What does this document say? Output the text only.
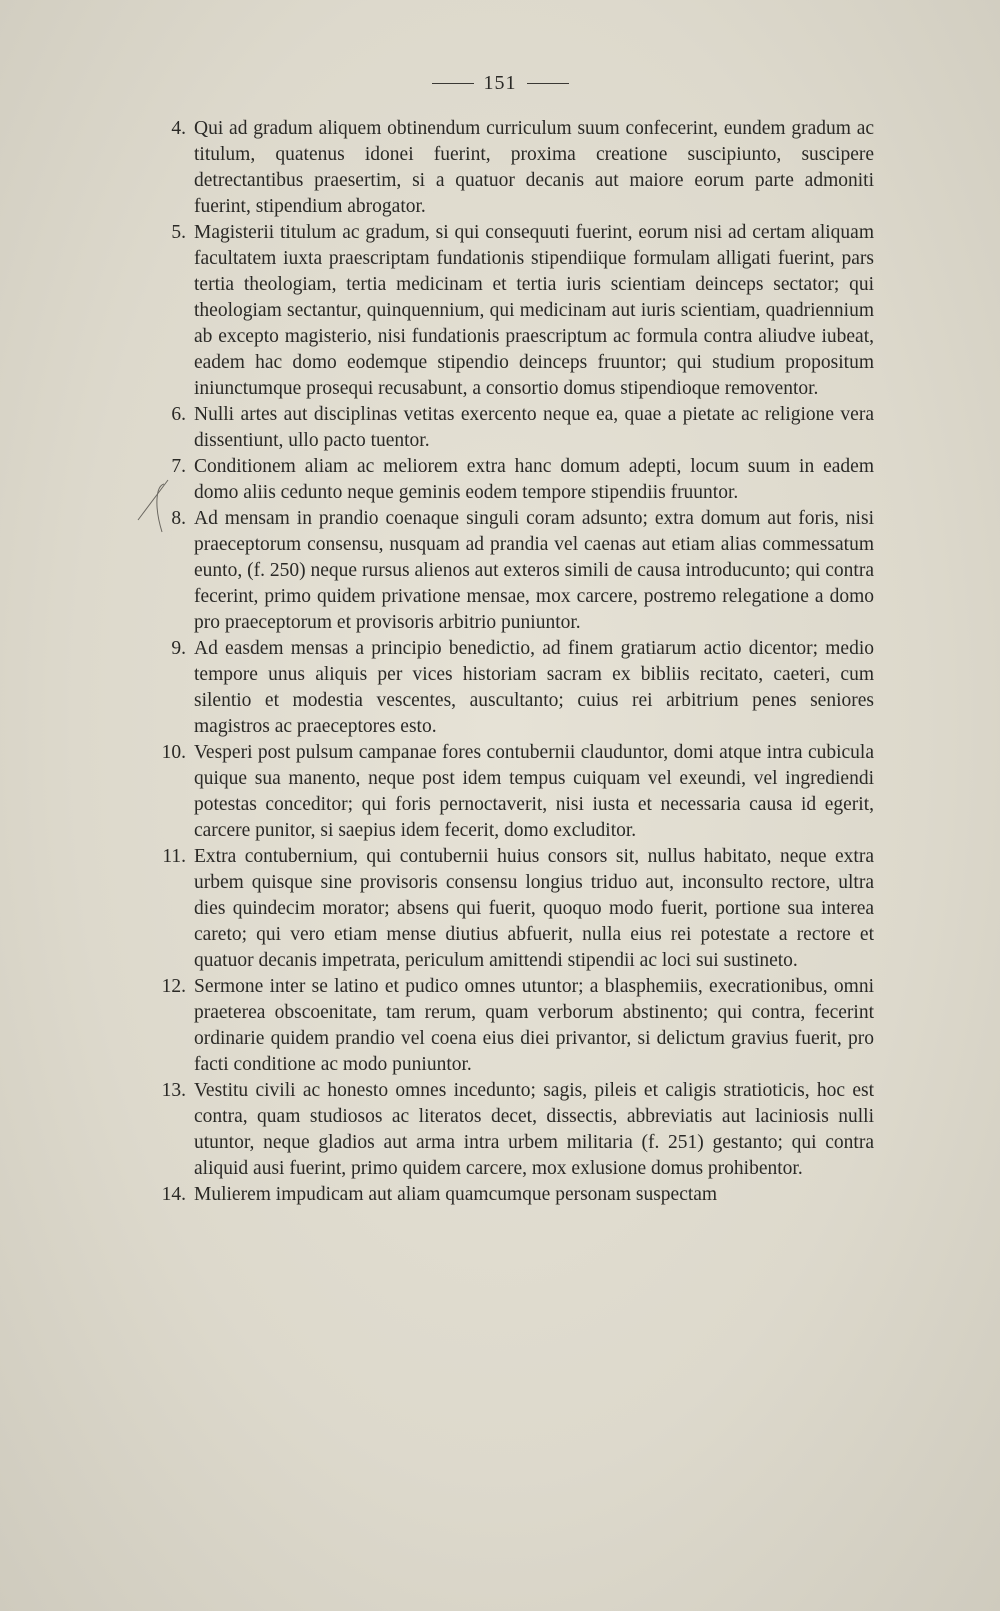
151

4. Qui ad gradum aliquem obtinendum curriculum suum confecerint, eundem gradum ac titulum, quatenus idonei fuerint, proxima creatione suscipiunto, suscipere detrectantibus praesertim, si a quatuor decanis aut maiore eorum parte admoniti fuerint, stipendium abrogator.

5. Magisterii titulum ac gradum, si qui consequuti fuerint, eorum nisi ad certam aliquam facultatem iuxta praescriptam fundationis stipendiique formulam alligati fuerint, pars tertia theologiam, tertia medicinam et tertia iuris scientiam deinceps sectator; qui theologiam sectantur, quinquennium, qui medicinam aut iuris scientiam, quadriennium ab excepto magisterio, nisi fundationis praescriptum ac formula contra aliudve iubeat, eadem hac domo eodemque stipendio deinceps fruuntor; qui studium propositum iniunctumque prosequi recusabunt, a consortio domus stipendioque removentor.

6. Nulli artes aut disciplinas vetitas exercento neque ea, quae a pietate ac religione vera dissentiunt, ullo pacto tuentor.

7. Conditionem aliam ac meliorem extra hanc domum adepti, locum suum in eadem domo aliis cedunto neque geminis eodem tempore stipendiis fruuntor.

8. Ad mensam in prandio coenaque singuli coram adsunto; extra domum aut foris, nisi praeceptorum consensu, nusquam ad prandia vel caenas aut etiam alias commessatum eunto, (f. 250) neque rursus alienos aut exteros simili de causa introducunto; qui contra fecerint, primo quidem privatione mensae, mox carcere, postremo relegatione a domo pro praeceptorum et provisoris arbitrio puniuntor.

9. Ad easdem mensas a principio benedictio, ad finem gratiarum actio dicentor; medio tempore unus aliquis per vices historiam sacram ex bibliis recitato, caeteri, cum silentio et modestia vescentes, auscultanto; cuius rei arbitrium penes seniores magistros ac praeceptores esto.

10. Vesperi post pulsum campanae fores contubernii clauduntor, domi atque intra cubicula quique sua manento, neque post idem tempus cuiquam vel exeundi, vel ingrediendi potestas conceditor; qui foris pernoctaverit, nisi iusta et necessaria causa id egerit, carcere punitor, si saepius idem fecerit, domo excluditor.

11. Extra contubernium, qui contubernii huius consors sit, nullus habitato, neque extra urbem quisque sine provisoris consensu longius triduo aut, inconsulto rectore, ultra dies quindecim morator; absens qui fuerit, quoquo modo fuerit, portione sua interea careto; qui vero etiam mense diutius abfuerit, nulla eius rei potestate a rectore et quatuor decanis impetrata, periculum amittendi stipendii ac loci sui sustineto.

12. Sermone inter se latino et pudico omnes utuntor; a blasphemiis, execrationibus, omni praeterea obscoenitate, tam rerum, quam verborum abstinento; qui contra, fecerint ordinarie quidem prandio vel coena eius diei privantor, si delictum gravius fuerit, pro facti conditione ac modo puniuntor.

13. Vestitu civili ac honesto omnes incedunto; sagis, pileis et caligis stratioticis, hoc est contra, quam studiosos ac literatos decet, dissectis, abbreviatis aut laciniosis nulli utuntor, neque gladios aut arma intra urbem militaria (f. 251) gestanto; qui contra aliquid ausi fuerint, primo quidem carcere, mox exlusione domus prohibentor.

14. Mulierem impudicam aut aliam quamcumque personam suspectam
